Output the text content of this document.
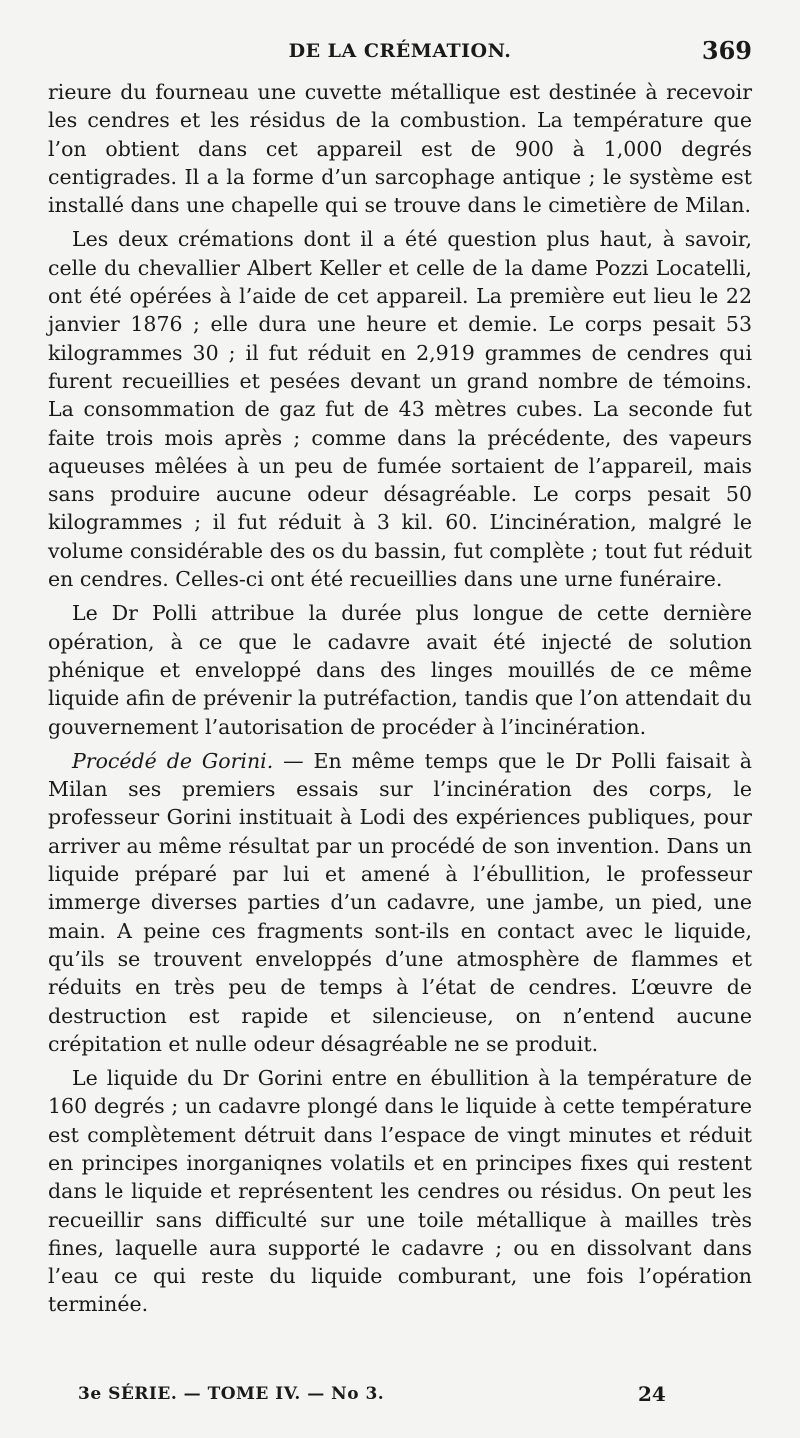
DE LA CRÉMATION.	369

rieure du fourneau une cuvette métallique est destinée à recevoir les cendres et les résidus de la combustion. La température que l’on obtient dans cet appareil est de 900 à 1,000 degrés centigrades. Il a la forme d’un sarcophage antique ; le système est installé dans une chapelle qui se trouve dans le cimetière de Milan.

Les deux crémations dont il a été question plus haut, à savoir, celle du chevallier Albert Keller et celle de la dame Pozzi Locatelli, ont été opérées à l’aide de cet appareil. La première eut lieu le 22 janvier 1876 ; elle dura une heure et demie. Le corps pesait 53 kilogrammes 30 ; il fut réduit en 2,919 grammes de cendres qui furent recueillies et pesées devant un grand nombre de témoins. La consommation de gaz fut de 43 mètres cubes. La seconde fut faite trois mois après ; comme dans la précédente, des vapeurs aqueuses mêlées à un peu de fumée sortaient de l’appareil, mais sans produire aucune odeur désagréable. Le corps pesait 50 kilogrammes ; il fut réduit à 3 kil. 60. L’incinération, malgré le volume considérable des os du bassin, fut complète ; tout fut réduit en cendres. Celles-ci ont été recueillies dans une urne funéraire.

Le Dr Polli attribue la durée plus longue de cette dernière opération, à ce que le cadavre avait été injecté de solution phénique et enveloppé dans des linges mouillés de ce même liquide afin de prévenir la putréfaction, tandis que l’on attendait du gouvernement l’autorisation de procéder à l’incinération.

Procédé de Gorini. — En même temps que le Dr Polli faisait à Milan ses premiers essais sur l’incinération des corps, le professeur Gorini instituait à Lodi des expériences publiques, pour arriver au même résultat par un procédé de son invention. Dans un liquide préparé par lui et amené à l’ébullition, le professeur immerge diverses parties d’un cadavre, une jambe, un pied, une main. A peine ces fragments sont-ils en contact avec le liquide, qu’ils se trouvent enveloppés d’une atmosphère de flammes et réduits en très peu de temps à l’état de cendres. L’œuvre de destruction est rapide et silencieuse, on n’entend aucune crépitation et nulle odeur désagréable ne se produit.

Le liquide du Dr Gorini entre en ébullition à la température de 160 degrés ; un cadavre plongé dans le liquide à cette température est complètement détruit dans l’espace de vingt minutes et réduit en principes inorganiqnes volatils et en principes fixes qui restent dans le liquide et représentent les cendres ou résidus. On peut les recueillir sans difficulté sur une toile métallique à mailles très fines, laquelle aura supporté le cadavre ; ou en dissolvant dans l’eau ce qui reste du liquide comburant, une fois l’opération terminée.

3e SÉRIE. — TOME IV. — No 3.	24
